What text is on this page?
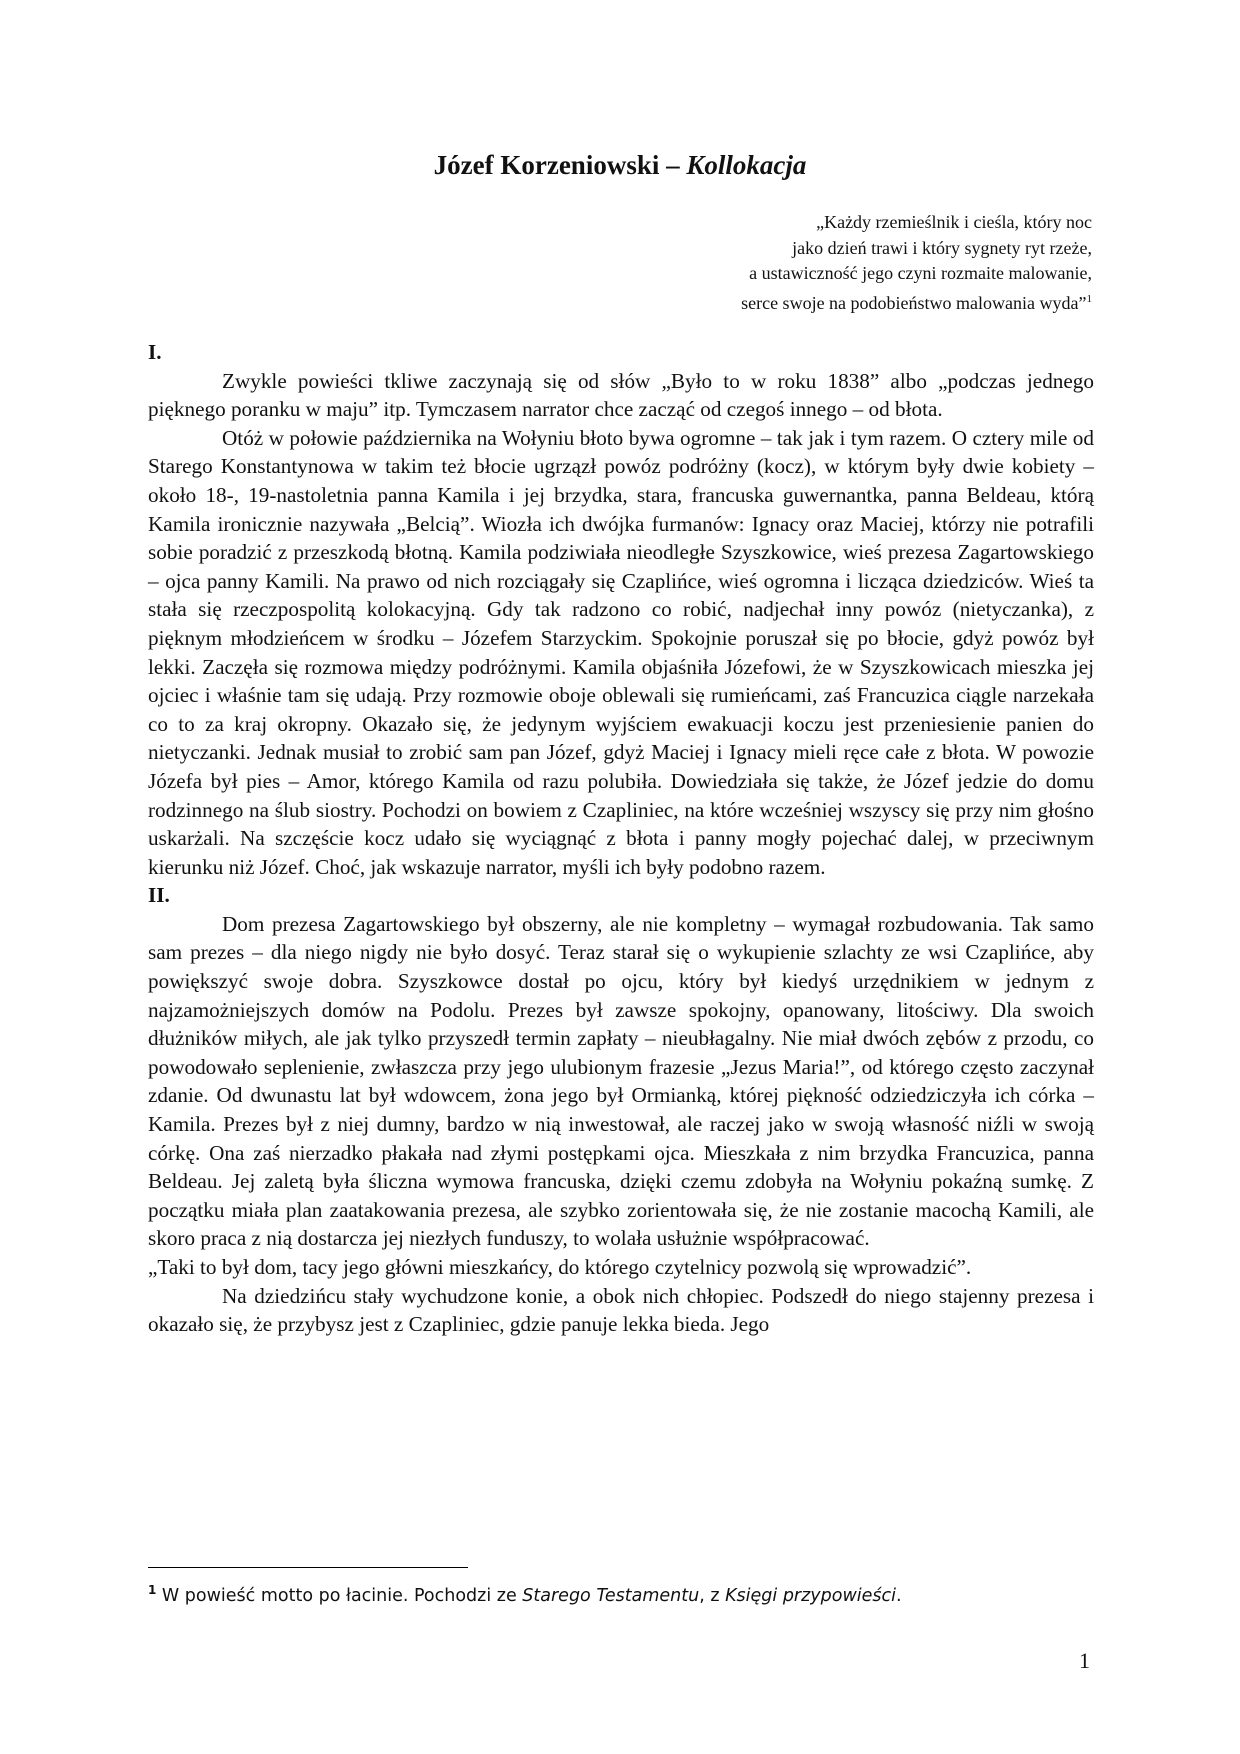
Józef Korzeniowski – Kollokacja
„Każdy rzemieślnik i cieśla, który noc
jako dzień trawi i który sygnety ryt rzeże,
a ustawiczność jego czyni rozmaite malowanie,
serce swoje na podobieństwo malowania wyda”$^1$

I.

Zwykle powieści tkliwe zaczynają się od słów „Było to w roku 1838” albo „podczas jednego pięknego poranku w maju” itp. Tymczasem narrator chce zacząć od czegoś innego – od błota.

Otóż w połowie października na Wołyniu błoto bywa ogromne – tak jak i tym razem. O cztery mile od Starego Konstantynowa w takim też błocie ugrzązł powóz podróżny (kocz), w którym były dwie kobiety – około 18-, 19-nastoletnia panna Kamila i jej brzydka, stara, francuska guwernantka, panna Beldeau, którą Kamila ironicznie nazywała „Belcią”. Wiozła ich dwójka furmanów: Ignacy oraz Maciej, którzy nie potrafili sobie poradzić z przeszkodą błotną. Kamila podziwiała nieodległe Szyszkowice, wieś prezesa Zagartowskiego – ojca panny Kamili. Na prawo od nich rozciągały się Czaplińce, wieś ogromna i licząca dziedziców. Wieś ta stała się rzeczpospolitą kolokacyjną. Gdy tak radzono co robić, nadjechał inny powóz (nietyczanka), z pięknym młodzieńcem w środku – Józefem Starzyckim. Spokojnie poruszał się po błocie, gdyż powóz był lekki. Zaczęła się rozmowa między podróżnymi. Kamila objaśniła Józefowi, że w Szyszkowicach mieszka jej ojciec i właśnie tam się udają. Przy rozmowie oboje oblewali się rumieńcami, zaś Francuzica ciągle narzekała co to za kraj okropny. Okazało się, że jedynym wyjściem ewakuacji koczu jest przeniesienie panien do nietyczanki. Jednak musiał to zrobić sam pan Józef, gdyż Maciej i Ignacy mieli ręce całe z błota. W powozie Józefa był pies – Amor, którego Kamila od razu polubiła. Dowiedziała się także, że Józef jedzie do domu rodzinnego na ślub siostry. Pochodzi on bowiem z Czapliniec, na które wcześniej wszyscy się przy nim głośno uskarżali. Na szczęście kocz udało się wyciągnąć z błota i panny mogły pojechać dalej, w przeciwnym kierunku niż Józef. Choć, jak wskazuje narrator, myśli ich były podobno razem.

II.

Dom prezesa Zagartowskiego był obszerny, ale nie kompletny – wymagał rozbudowania. Tak samo sam prezes – dla niego nigdy nie było dosyć. Teraz starał się o wykupienie szlachty ze wsi Czaplińce, aby powiększyć swoje dobra. Szyszkowce dostał po ojcu, który był kiedyś urzędnikiem w jednym z najzamożniejszych domów na Podolu. Prezes był zawsze spokojny, opanowany, litościwy. Dla swoich dłużników miłych, ale jak tylko przyszedł termin zapłaty – nieubłagalny. Nie miał dwóch zębów z przodu, co powodowało seplenienie, zwłaszcza przy jego ulubionym frazesie „Jezus Maria!”, od którego często zaczynał zdanie. Od dwunastu lat był wdowcem, żona jego był Ormianką, której piękność odziedziczyła ich córka – Kamila. Prezes był z niej dumny, bardzo w nią inwestował, ale raczej jako w swoją własność niźli w swoją córkę. Ona zaś nierzadko płakała nad złymi postępkami ojca. Mieszkała z nim brzydka Francuzica, panna Beldeau. Jej zaletą była śliczna wymowa francuska, dzięki czemu zdobyła na Wołyniu pokaźną sumkę. Z początku miała plan zaatakowania prezesa, ale szybko zorientowała się, że nie zostanie macochą Kamili, ale skoro praca z nią dostarcza jej niezłych funduszy, to wolała usłużnie współpracować.

„Taki to był dom, tacy jego główni mieszkańcy, do którego czytelnicy pozwolą się wprowadzić”.

Na dziedzińcu stały wychudzone konie, a obok nich chłopiec. Podszedł do niego stajenny prezesa i okazało się, że przybysz jest z Czapliniec, gdzie panuje lekka bieda. Jego

$^1$ W powieść motto po łacinie. Pochodzi ze Starego Testamentu, z Księgi przypowieści.
1
